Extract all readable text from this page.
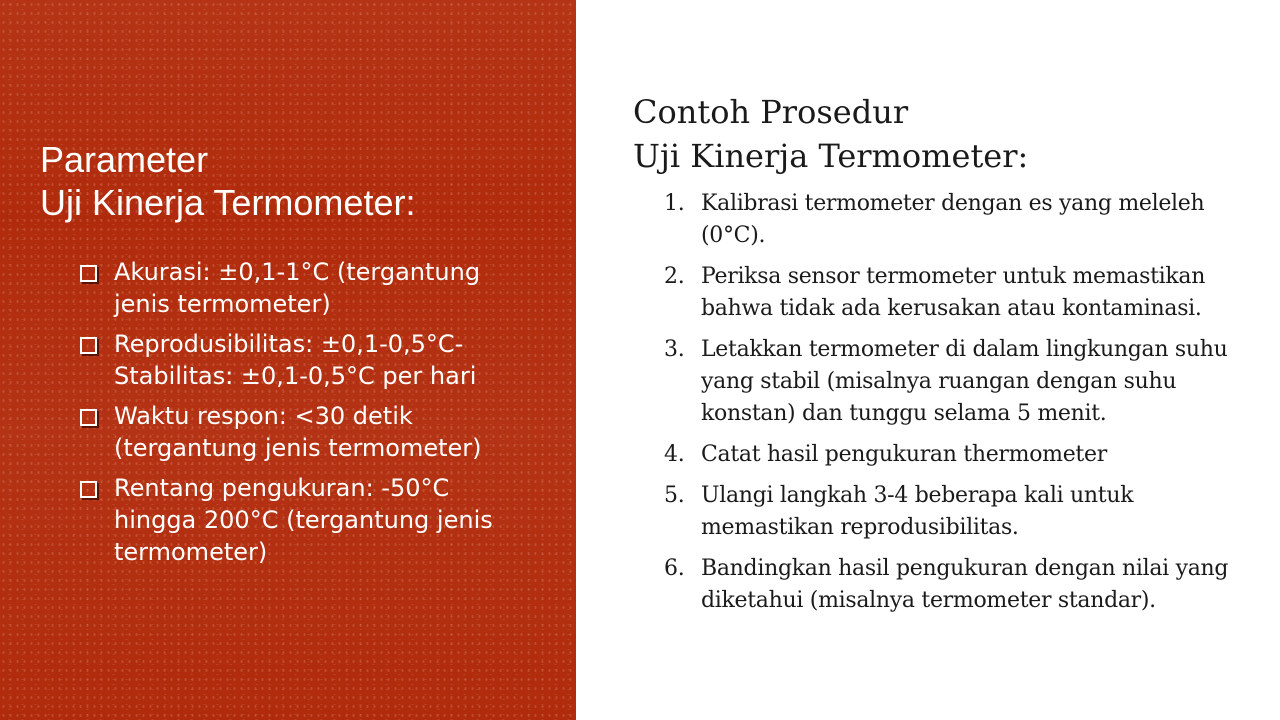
Parameter
Uji Kinerja Termometer:
Akurasi: ±0,1-1°C (tergantung jenis termometer)
Reprodusibilitas: ±0,1-0,5°C- Stabilitas: ±0,1-0,5°C per hari
Waktu respon: <30 detik (tergantung jenis termometer)
Rentang pengukuran: -50°C hingga 200°C (tergantung jenis termometer)
Contoh Prosedur
Uji Kinerja Termometer:
1. Kalibrasi termometer dengan es yang meleleh (0°C).
2. Periksa sensor termometer untuk memastikan bahwa tidak ada kerusakan atau kontaminasi.
3. Letakkan termometer di dalam lingkungan suhu yang stabil (misalnya ruangan dengan suhu konstan) dan tunggu selama 5 menit.
4. Catat hasil pengukuran thermometer
5. Ulangi langkah 3-4 beberapa kali untuk memastikan reprodusibilitas.
6. Bandingkan hasil pengukuran dengan nilai yang diketahui (misalnya termometer standar).
